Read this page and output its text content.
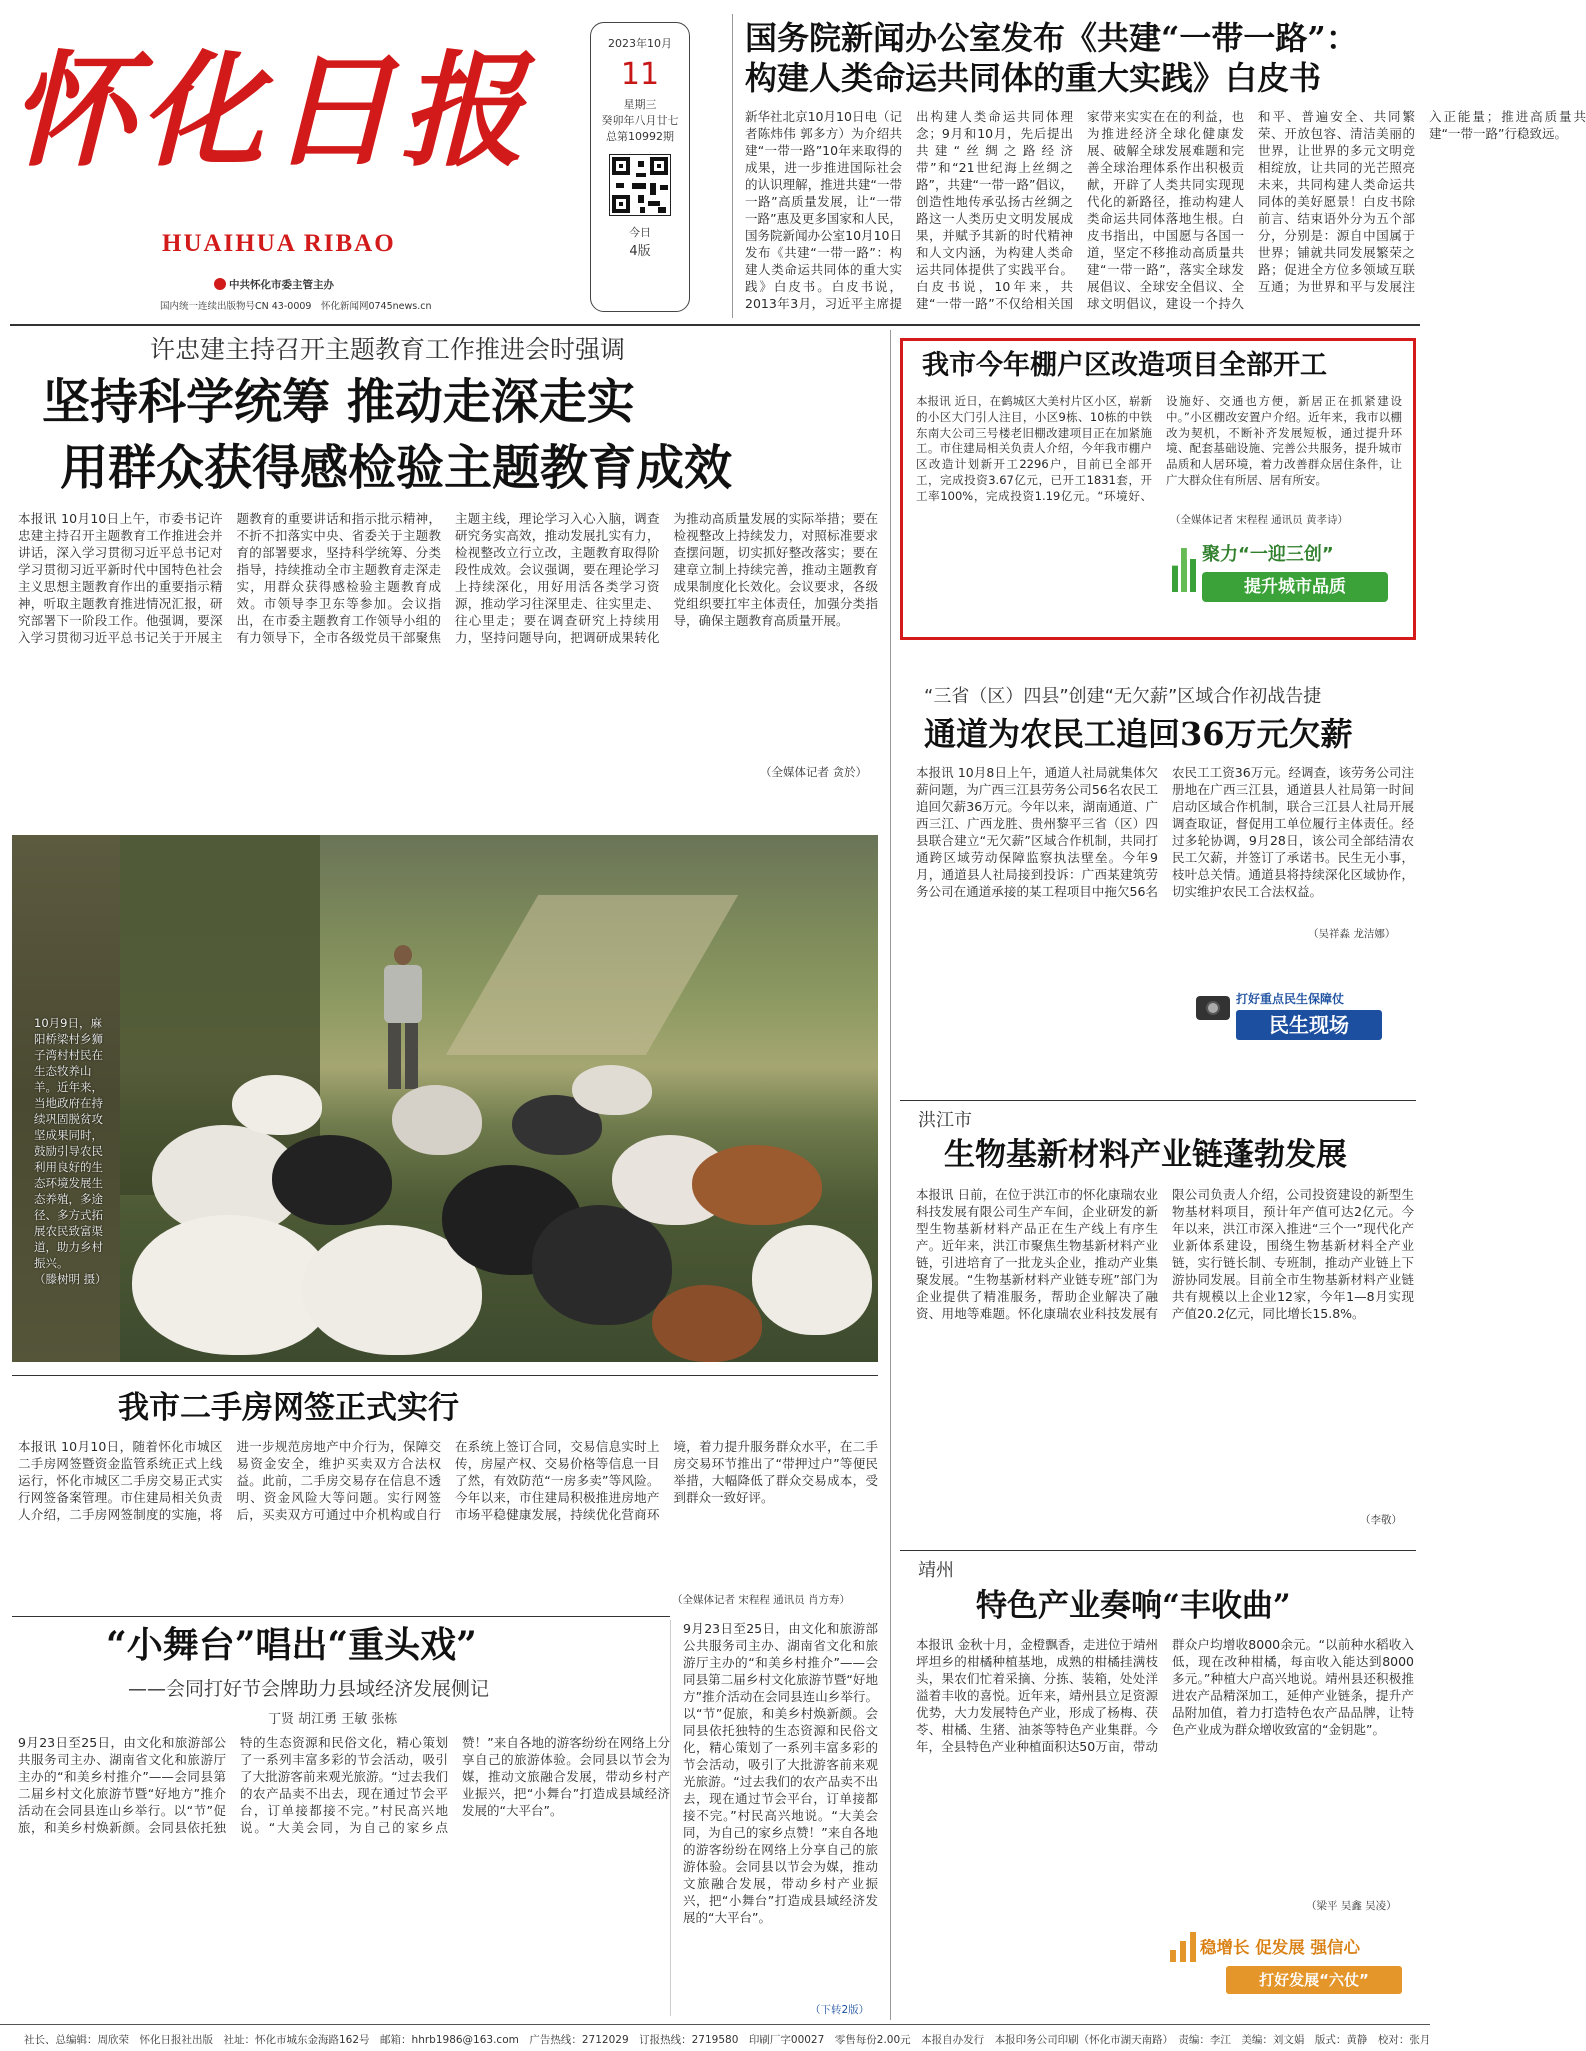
怀化日报
HUAIHUA RIBAO
中共怀化市委主管主办
国内统一连续出版物号CN 43-0009　怀化新闻网0745news.cn
2023年10月
11
星期三
癸卯年八月廿七
总第10992期
今日
4版
国务院新闻办公室发布《共建“一带一路”：
构建人类命运共同体的重大实践》白皮书
新华社北京10月10日电（记者陈炜伟 郭多方）为介绍共建“一带一路”10年来取得的成果，进一步推进国际社会的认识理解，推进共建“一带一路”高质量发展，让“一带一路”惠及更多国家和人民，国务院新闻办公室10月10日发布《共建“一带一路”：构建人类命运共同体的重大实践》白皮书。白皮书说，2013年3月，习近平主席提出构建人类命运共同体理念；9月和10月，先后提出共建“丝绸之路经济带”和“21世纪海上丝绸之路”，共建“一带一路”倡议，创造性地传承弘扬古丝绸之路这一人类历史文明发展成果，并赋予其新的时代精神和人文内涵，为构建人类命运共同体提供了实践平台。白皮书说，10年来，共建“一带一路”不仅给相关国家带来实实在在的利益，也为推进经济全球化健康发展、破解全球发展难题和完善全球治理体系作出积极贡献，开辟了人类共同实现现代化的新路径，推动构建人类命运共同体落地生根。白皮书指出，中国愿与各国一道，坚定不移推动高质量共建“一带一路”，落实全球发展倡议、全球安全倡议、全球文明倡议，建设一个持久和平、普遍安全、共同繁荣、开放包容、清洁美丽的世界，让世界的多元文明竞相绽放，让共同的光芒照亮未来，共同构建人类命运共同体的美好愿景！白皮书除前言、结束语外分为五个部分，分别是：源自中国属于世界；铺就共同发展繁荣之路；促进全方位多领域互联互通；为世界和平与发展注入正能量；推进高质量共建“一带一路”行稳致远。
许忠建主持召开主题教育工作推进会时强调
坚持科学统筹 推动走深走实
用群众获得感检验主题教育成效
本报讯 10月10日上午，市委书记许忠建主持召开主题教育工作推进会并讲话，深入学习贯彻习近平总书记对学习贯彻习近平新时代中国特色社会主义思想主题教育作出的重要指示精神，听取主题教育推进情况汇报，研究部署下一阶段工作。他强调，要深入学习贯彻习近平总书记关于开展主题教育的重要讲话和指示批示精神，不折不扣落实中央、省委关于主题教育的部署要求，坚持科学统筹、分类指导，持续推动全市主题教育走深走实，用群众获得感检验主题教育成效。市领导李卫东等参加。会议指出，在市委主题教育工作领导小组的有力领导下，全市各级党员干部聚焦主题主线，理论学习入心入脑，调查研究务实高效，推动发展扎实有力，检视整改立行立改，主题教育取得阶段性成效。会议强调，要在理论学习上持续深化，用好用活各类学习资源，推动学习往深里走、往实里走、往心里走；要在调查研究上持续用力，坚持问题导向，把调研成果转化为推动高质量发展的实际举措；要在检视整改上持续发力，对照标准要求查摆问题，切实抓好整改落实；要在建章立制上持续完善，推动主题教育成果制度化长效化。会议要求，各级党组织要扛牢主体责任，加强分类指导，确保主题教育高质量开展。
（全媒体记者 贪於）
我市今年棚户区改造项目全部开工
本报讯 近日，在鹤城区大美村片区小区，崭新的小区大门引人注目，小区9栋、10栋的中铁东南大公司三号楼老旧棚改建项目正在加紧施工。市住建局相关负责人介绍，今年我市棚户区改造计划新开工2296户，目前已全部开工，完成投资3.67亿元，已开工1831套，开工率100%，完成投资1.19亿元。“环境好、设施好、交通也方便，新居正在抓紧建设中。”小区棚改安置户介绍。近年来，我市以棚改为契机，不断补齐发展短板，通过提升环境、配套基础设施、完善公共服务，提升城市品质和人居环境，着力改善群众居住条件，让广大群众住有所居、居有所安。
（全媒体记者 宋程程 通讯员 黄孝诗）
聚力“一迎三创”
提升城市品质
“三省（区）四县”创建“无欠薪”区域合作初战告捷
通道为农民工追回36万元欠薪
本报讯 10月8日上午，通道人社局就集体欠薪问题，为广西三江县劳务公司56名农民工追回欠薪36万元。今年以来，湖南通道、广西三江、广西龙胜、贵州黎平三省（区）四县联合建立“无欠薪”区域合作机制，共同打通跨区域劳动保障监察执法壁垒。今年9月，通道县人社局接到投诉：广西某建筑劳务公司在通道承接的某工程项目中拖欠56名农民工工资36万元。经调查，该劳务公司注册地在广西三江县，通道县人社局第一时间启动区域合作机制，联合三江县人社局开展调查取证，督促用工单位履行主体责任。经过多轮协调，9月28日，该公司全部结清农民工欠薪，并签订了承诺书。民生无小事，枝叶总关情。通道县将持续深化区域协作，切实维护农民工合法权益。
（吴祥淼 龙洁娜）
打好重点民生保障仗
民生现场
10月9日，麻阳桥梁村乡狮子湾村村民在生态牧养山羊。近年来，当地政府在持续巩固脱贫攻坚成果同时，鼓励引导农民利用良好的生态环境发展生态养殖，多途径、多方式拓展农民致富渠道，助力乡村振兴。
（滕树明 摄）
洪江市
生物基新材料产业链蓬勃发展
本报讯 日前，在位于洪江市的怀化康瑞农业科技发展有限公司生产车间，企业研发的新型生物基新材料产品正在生产线上有序生产。近年来，洪江市聚焦生物基新材料产业链，引进培育了一批龙头企业，推动产业集聚发展。“生物基新材料产业链专班”部门为企业提供了精准服务，帮助企业解决了融资、用地等难题。怀化康瑞农业科技发展有限公司负责人介绍，公司投资建设的新型生物基材料项目，预计年产值可达2亿元。今年以来，洪江市深入推进“三个一”现代化产业新体系建设，围绕生物基新材料全产业链，实行链长制、专班制，推动产业链上下游协同发展。目前全市生物基新材料产业链共有规模以上企业12家，今年1—8月实现产值20.2亿元，同比增长15.8%。
（李敬）
我市二手房网签正式实行
本报讯 10月10日，随着怀化市城区二手房网签暨资金监管系统正式上线运行，怀化市城区二手房交易正式实行网签备案管理。市住建局相关负责人介绍，二手房网签制度的实施，将进一步规范房地产中介行为，保障交易资金安全，维护买卖双方合法权益。此前，二手房交易存在信息不透明、资金风险大等问题。实行网签后，买卖双方可通过中介机构或自行在系统上签订合同，交易信息实时上传，房屋产权、交易价格等信息一目了然，有效防范“一房多卖”等风险。今年以来，市住建局积极推进房地产市场平稳健康发展，持续优化营商环境，着力提升服务群众水平，在二手房交易环节推出了“带押过户”等便民举措，大幅降低了群众交易成本，受到群众一致好评。
（全媒体记者 宋程程 通讯员 肖方寿）
“小舞台”唱出“重头戏”
——会同打好节会牌助力县域经济发展侧记
丁贤 胡江勇 王敏 张栋
9月23日至25日，由文化和旅游部公共服务司主办、湖南省文化和旅游厅主办的“和美乡村推介”——会同县第二届乡村文化旅游节暨“好地方”推介活动在会同县连山乡举行。以“节”促旅，和美乡村焕新颜。会同县依托独特的生态资源和民俗文化，精心策划了一系列丰富多彩的节会活动，吸引了大批游客前来观光旅游。“过去我们的农产品卖不出去，现在通过节会平台，订单接都接不完。”村民高兴地说。“大美会同，为自己的家乡点赞！”来自各地的游客纷纷在网络上分享自己的旅游体验。会同县以节会为媒，推动文旅融合发展，带动乡村产业振兴，把“小舞台”打造成县域经济发展的“大平台”。
9月23日至25日，由文化和旅游部公共服务司主办、湖南省文化和旅游厅主办的“和美乡村推介”——会同县第二届乡村文化旅游节暨“好地方”推介活动在会同县连山乡举行。以“节”促旅，和美乡村焕新颜。会同县依托独特的生态资源和民俗文化，精心策划了一系列丰富多彩的节会活动，吸引了大批游客前来观光旅游。“过去我们的农产品卖不出去，现在通过节会平台，订单接都接不完。”村民高兴地说。“大美会同，为自己的家乡点赞！”来自各地的游客纷纷在网络上分享自己的旅游体验。会同县以节会为媒，推动文旅融合发展，带动乡村产业振兴，把“小舞台”打造成县域经济发展的“大平台”。
（下转2版）
靖州
特色产业奏响“丰收曲”
本报讯 金秋十月，金橙飘香，走进位于靖州坪坦乡的柑橘种植基地，成熟的柑橘挂满枝头，果农们忙着采摘、分拣、装箱，处处洋溢着丰收的喜悦。近年来，靖州县立足资源优势，大力发展特色产业，形成了杨梅、茯苓、柑橘、生猪、油茶等特色产业集群。今年，全县特色产业种植面积达50万亩，带动群众户均增收8000余元。“以前种水稻收入低，现在改种柑橘，每亩收入能达到8000多元。”种植大户高兴地说。靖州县还积极推进农产品精深加工，延伸产业链条，提升产品附加值，着力打造特色农产品品牌，让特色产业成为群众增收致富的“金钥匙”。
（梁平 吴鑫 吴凌）
稳增长 促发展 强信心
打好发展“六仗”
社长、总编辑：周欣荣　怀化日报社出版　社址：怀化市城东金海路162号　邮箱：hhrb1986@163.com　广告热线：2712029　订报热线：2719580　印刷厂字00027　零售每份2.00元　本报自办发行　本报印务公司印刷（怀化市湖天南路）　责编：李江　美编：刘文娟　版式：黄静　校对：张月
